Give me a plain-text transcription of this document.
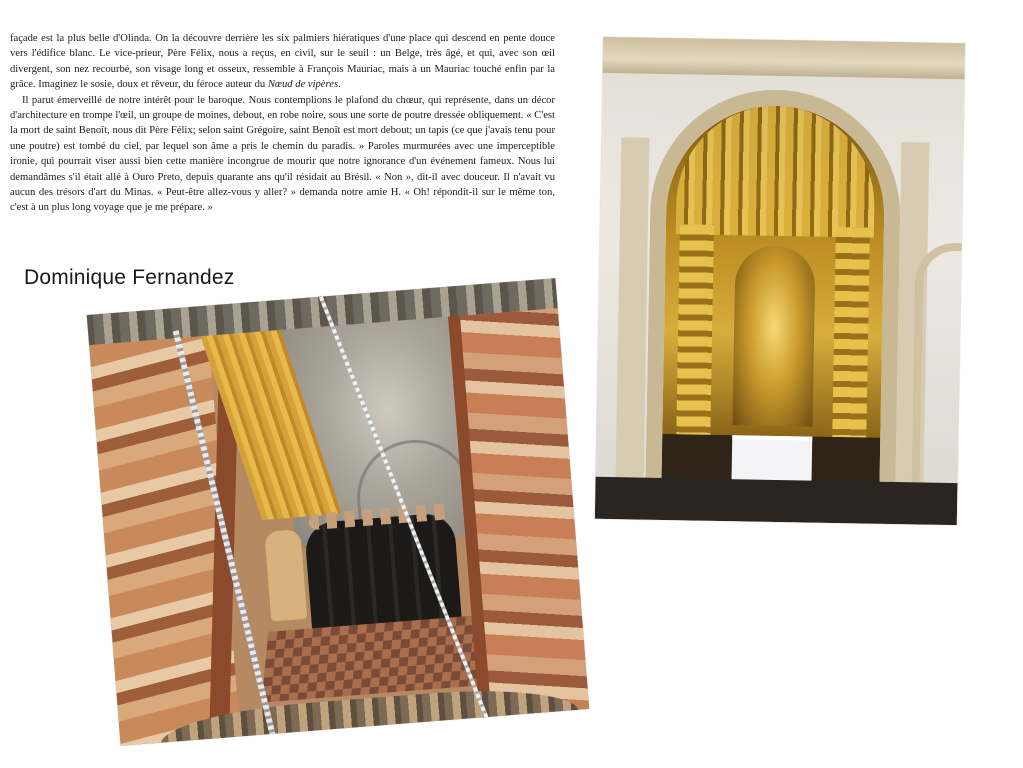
façade est la plus belle d'Olinda. On la découvre derrière les six palmiers hiératiques d'une place qui descend en pente douce vers l'édifice blanc. Le vice-prieur, Père Félix, nous a reçus, en civil, sur le seuil : un Belge, très âgé, et qui, avec son œil divergent, son nez recourbé, son visage long et osseux, ressemble à François Mauriac, mais à un Mauriac touché enfin par la grâce. Imaginez le sosie, doux et rêveur, du féroce auteur du Nœud de vipères.

Il parut émerveillé de notre intérêt pour le baroque. Nous contemplions le plafond du chœur, qui représente, dans un décor d'architecture en trompe l'œil, un groupe de moines, debout, en robe noire, sous une sorte de poutre dressée obliquement. « C'est la mort de saint Benoît, nous dit Père Félix; selon saint Grégoire, saint Benoît est mort debout; un tapis (ce que j'avais tenu pour une poutre) est tombé du ciel, par lequel son âme a pris le chemin du paradis. » Paroles murmurées avec une imperceptible ironie, qui pourrait viser aussi bien cette manière incongrue de mourir que notre ignorance d'un événement fameux. Nous lui demandâmes s'il était allé à Ouro Preto, depuis quarante ans qu'il résidait au Brésil. « Non », dit-il avec douceur. Il n'avait vu aucun des trésors d'art du Minas. « Peut-être allez-vous y aller? » demanda notre amie H. « Oh! répondit-il sur le même ton, c'est à un plus long voyage que je me prépare. »

Dominique Fernandez
